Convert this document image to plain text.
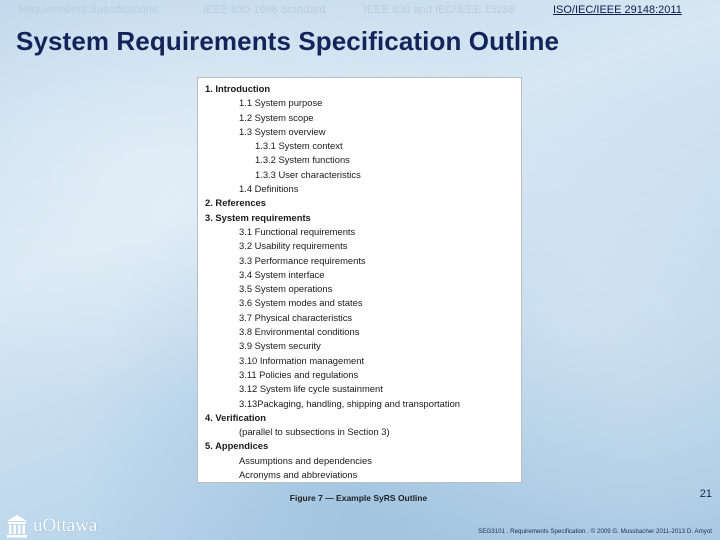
Requirements Specifications	IEEE 830-1998 Standard	IEEE 830 and IEC/IEEE 15288	ISO/IEC/IEEE 29148:2011
System Requirements Specification Outline
1. Introduction
1.1 System purpose
1.2 System scope
1.3 System overview
1.3.1 System context
1.3.2 System functions
1.3.3 User characteristics
1.4 Definitions
2. References
3. System requirements
3.1 Functional requirements
3.2 Usability requirements
3.3 Performance requirements
3.4 System interface
3.5 System operations
3.6 System modes and states
3.7 Physical characteristics
3.8 Environmental conditions
3.9 System security
3.10 Information management
3.11 Policies and regulations
3.12 System life cycle sustainment
3.13Packaging, handling, shipping and transportation
4. Verification
(parallel to subsections in Section 3)
5. Appendices
Assumptions and dependencies
Acronyms and abbreviations
Figure 7 — Example SyRS Outline	21
uOttawa	SEG3101 . Requirements Specification . © 2009 G. Mussbacher 2011-2013 D. Amyot
